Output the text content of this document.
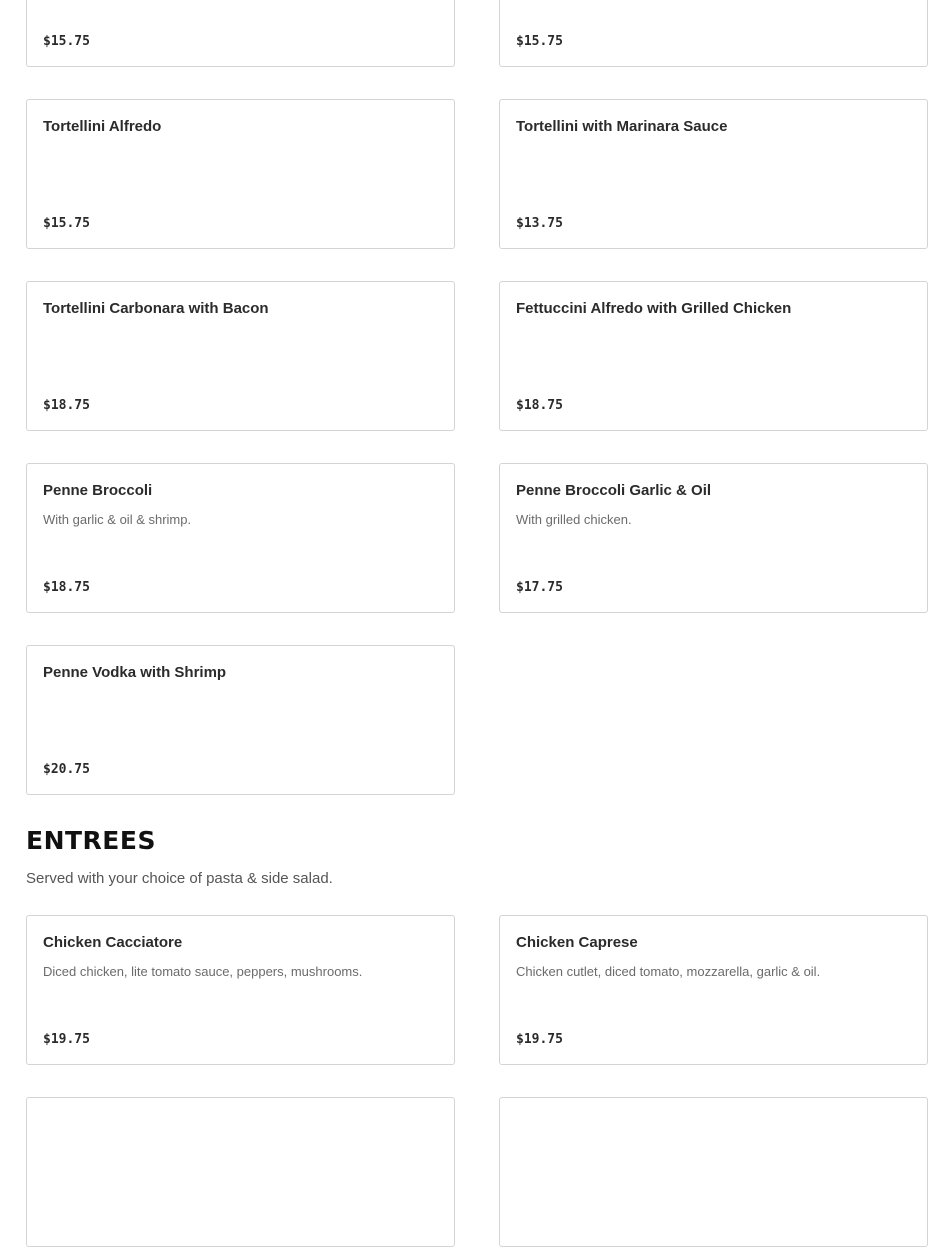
$15.75	$15.75
Tortellini Alfredo
$15.75
Tortellini with Marinara Sauce
$13.75
Tortellini Carbonara with Bacon
$18.75
Fettuccini Alfredo with Grilled Chicken
$18.75
Penne Broccoli
With garlic & oil & shrimp.
$18.75
Penne Broccoli Garlic & Oil
With grilled chicken.
$17.75
Penne Vodka with Shrimp
$20.75
ENTREES
Served with your choice of pasta & side salad.
Chicken Cacciatore
Diced chicken, lite tomato sauce, peppers, mushrooms.
$19.75
Chicken Caprese
Chicken cutlet, diced tomato, mozzarella, garlic & oil.
$19.75
